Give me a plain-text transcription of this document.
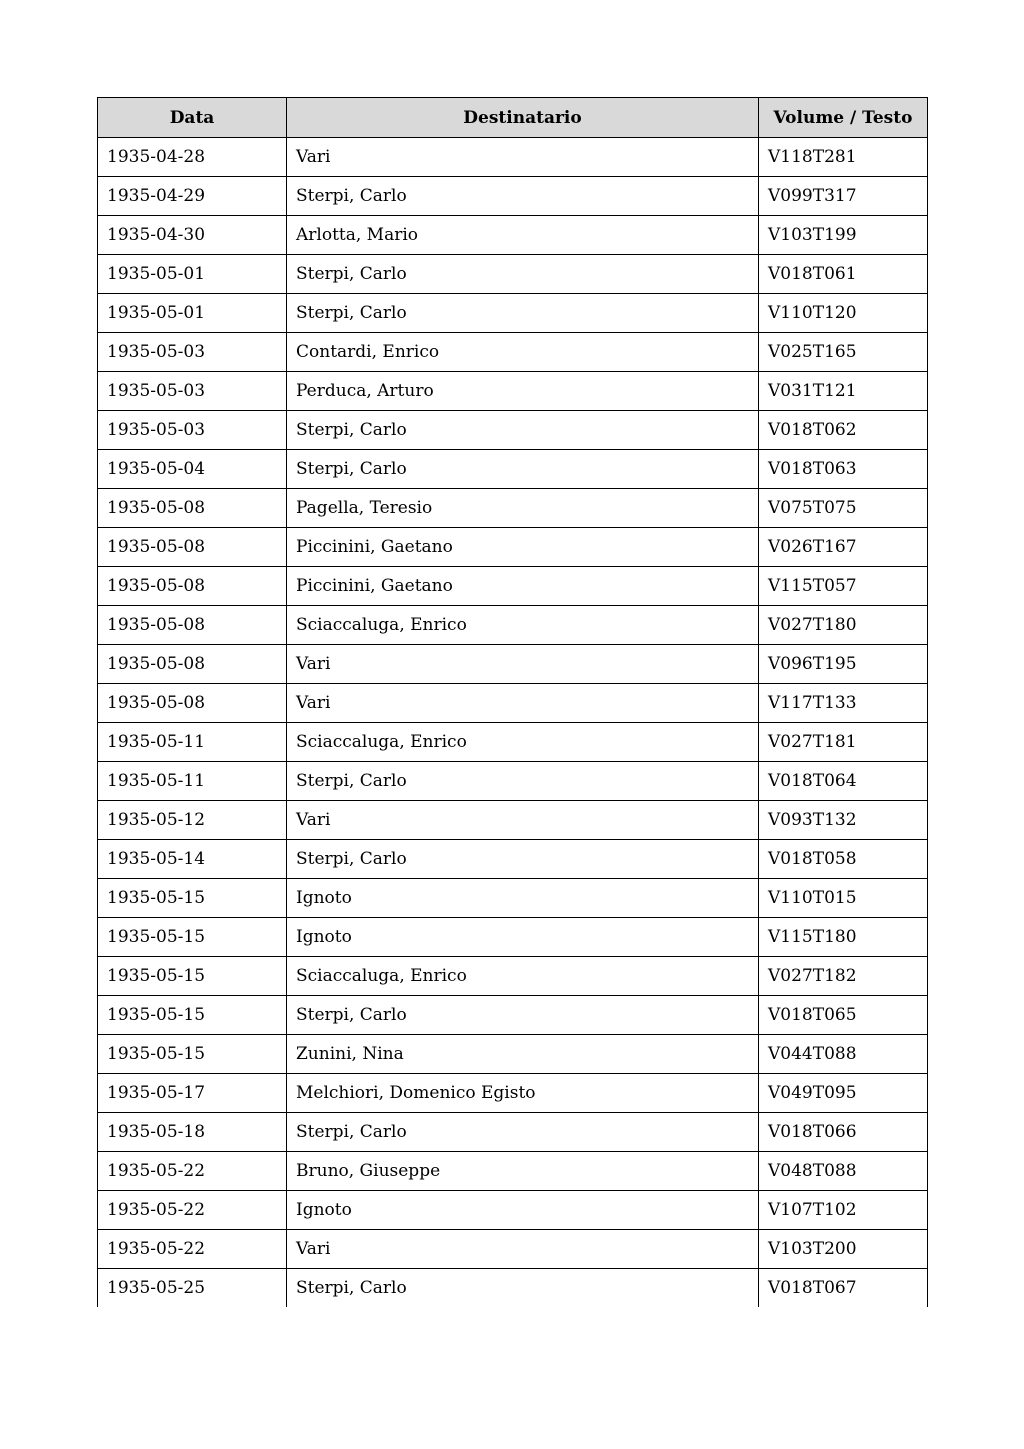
Data	Destinatario	Volume / Testo
1935-04-28	Vari	V118T281
1935-04-29	Sterpi, Carlo	V099T317
1935-04-30	Arlotta, Mario	V103T199
1935-05-01	Sterpi, Carlo	V018T061
1935-05-01	Sterpi, Carlo	V110T120
1935-05-03	Contardi, Enrico	V025T165
1935-05-03	Perduca, Arturo	V031T121
1935-05-03	Sterpi, Carlo	V018T062
1935-05-04	Sterpi, Carlo	V018T063
1935-05-08	Pagella, Teresio	V075T075
1935-05-08	Piccinini, Gaetano	V026T167
1935-05-08	Piccinini, Gaetano	V115T057
1935-05-08	Sciaccaluga, Enrico	V027T180
1935-05-08	Vari	V096T195
1935-05-08	Vari	V117T133
1935-05-11	Sciaccaluga, Enrico	V027T181
1935-05-11	Sterpi, Carlo	V018T064
1935-05-12	Vari	V093T132
1935-05-14	Sterpi, Carlo	V018T058
1935-05-15	Ignoto	V110T015
1935-05-15	Ignoto	V115T180
1935-05-15	Sciaccaluga, Enrico	V027T182
1935-05-15	Sterpi, Carlo	V018T065
1935-05-15	Zunini, Nina	V044T088
1935-05-17	Melchiori, Domenico Egisto	V049T095
1935-05-18	Sterpi, Carlo	V018T066
1935-05-22	Bruno, Giuseppe	V048T088
1935-05-22	Ignoto	V107T102
1935-05-22	Vari	V103T200
1935-05-25	Sterpi, Carlo	V018T067
